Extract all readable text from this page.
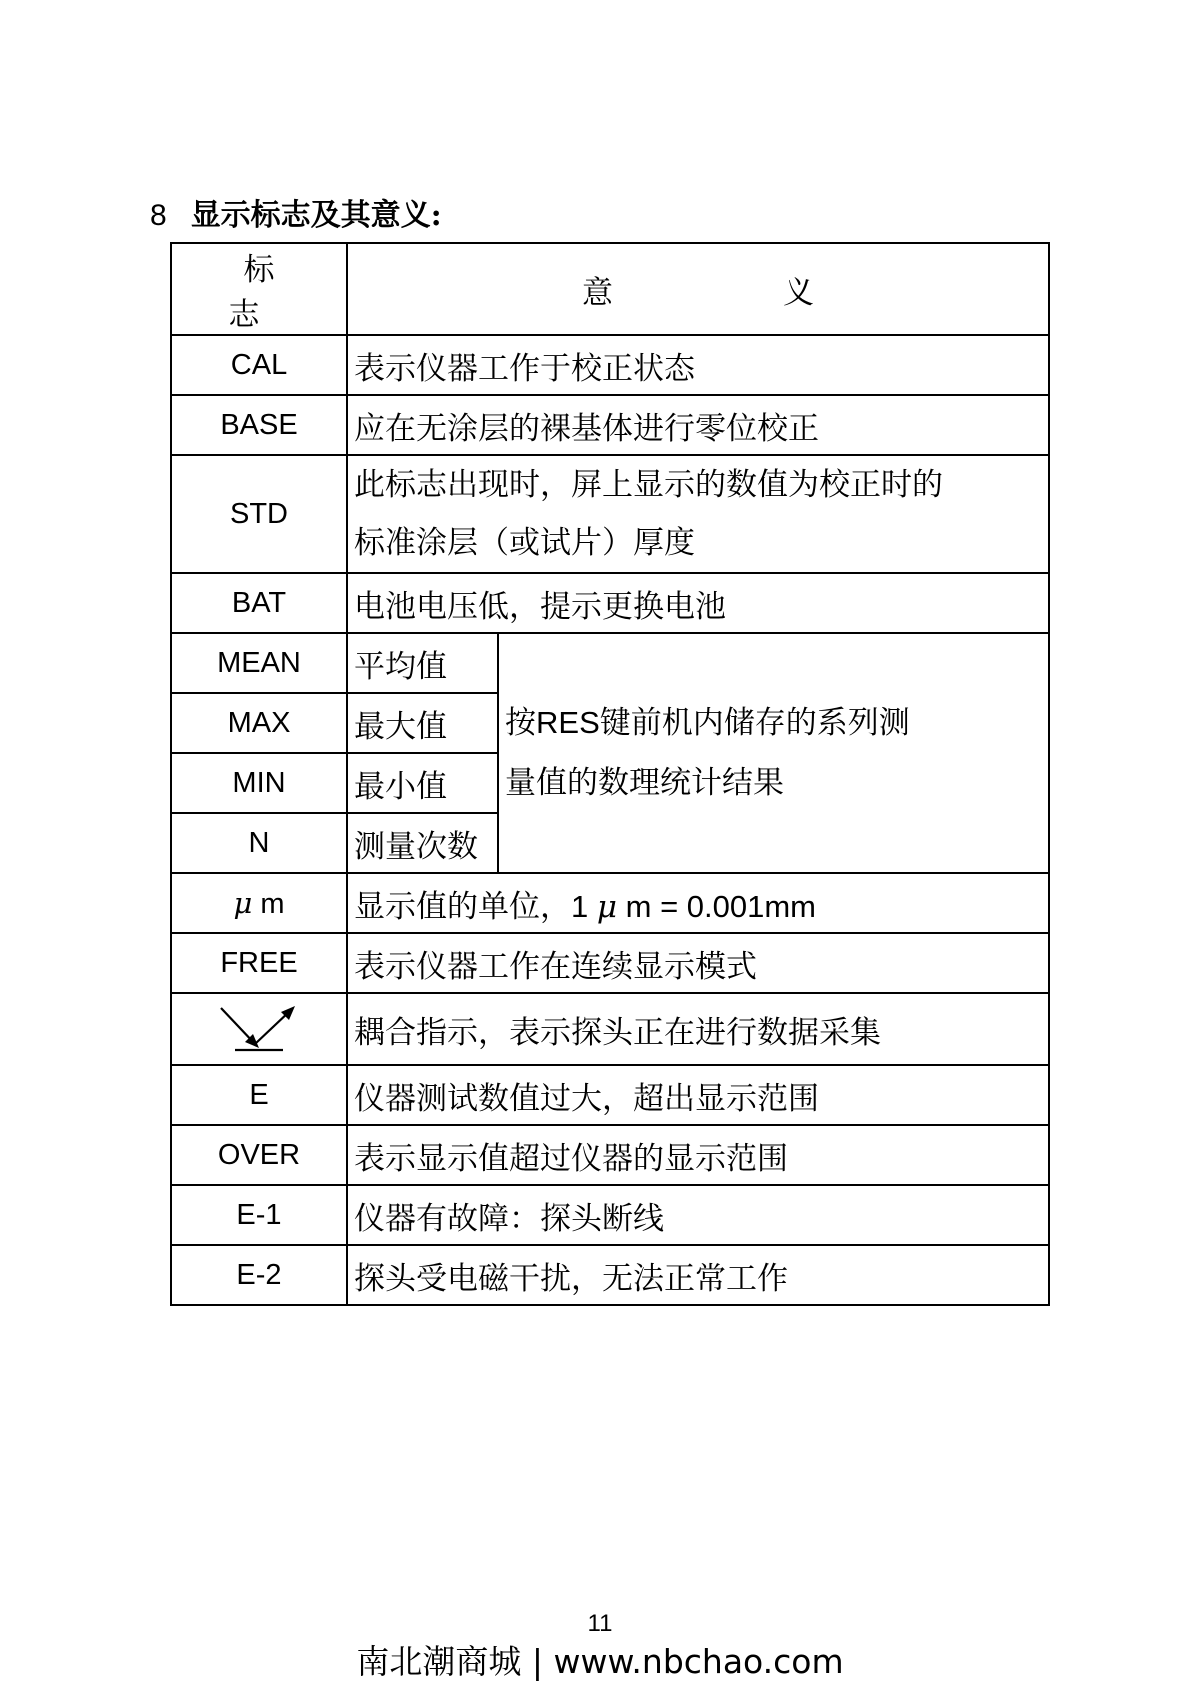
8 显示标志及其意义:
标 志	意 义	
CAL	表示仪器工作于校正状态	
BASE	应在无涂层的裸基体进行零位校正	
STD	此标志出现时，屏上显示的数值为校正时的
标准涂层（或试片）厚度	

BAT	电池电压低，提示更换电池	
MEAN	平均值	按RES键前机内储存的系列测
量值的数理统计结果

MAX	最大值	
MIN	最小值	
N	测量次数	
μ m	显示值的单位，1 μ m = 0.001mm	
FREE	表示仪器工作在连续显示模式	

	耦合指示，表示探头正在进行数据采集	
E	仪器测试数值过大，超出显示范围	
OVER	表示显示值超过仪器的显示范围	
E-1	仪器有故障：探头断线	
E-2	探头受电磁干扰，无法正常工作	
11
南北潮商城 | www.nbchao.com
